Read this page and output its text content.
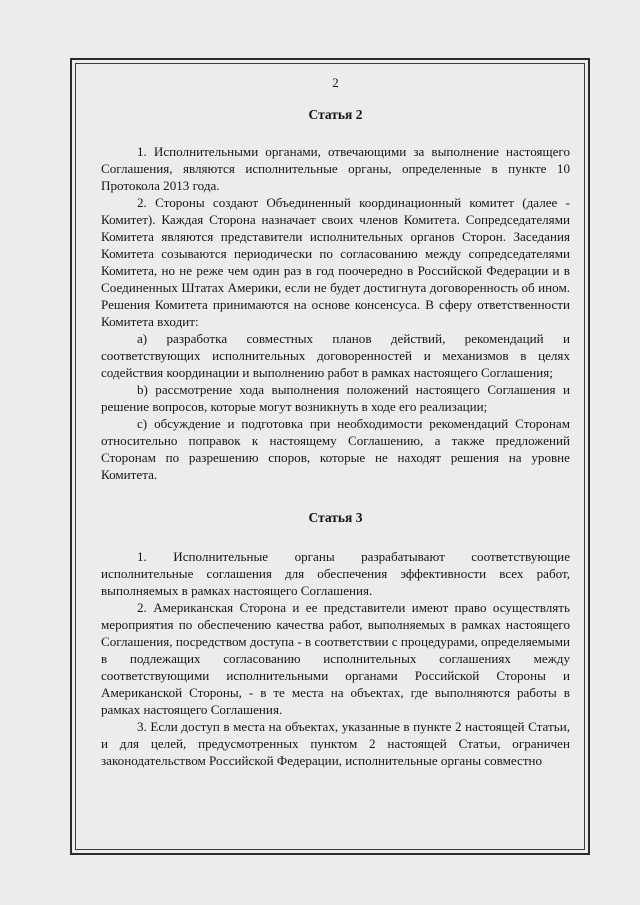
2
Статья 2

1. Исполнительными органами, отвечающими за выполнение настоящего Соглашения, являются исполнительные органы, определенные в пункте 10 Протокола 2013 года.

2. Стороны создают Объединенный координационный комитет (далее - Комитет). Каждая Сторона назначает своих членов Комитета. Сопредседателями Комитета являются представители исполнительных органов Сторон. Заседания Комитета созываются периодически по согласованию между сопредседателями Комитета, но не реже чем один раз в год поочередно в Российской Федерации и в Соединенных Штатах Америки, если не будет достигнута договоренность об ином. Решения Комитета принимаются на основе консенсуса. В сферу ответственности Комитета входит:

а) разработка совместных планов действий, рекомендаций и соответствующих исполнительных договоренностей и механизмов в целях содействия координации и выполнению работ в рамках настоящего Соглашения;

b) рассмотрение хода выполнения положений настоящего Соглашения и решение вопросов, которые могут возникнуть в ходе его реализации;

с) обсуждение и подготовка при необходимости рекомендаций Сторонам относительно поправок к настоящему Соглашению, а также предложений Сторонам по разрешению споров, которые не находят решения на уровне Комитета.

Статья 3

1. Исполнительные органы разрабатывают соответствующие исполнительные соглашения для обеспечения эффективности всех работ, выполняемых в рамках настоящего Соглашения.

2. Американская Сторона и ее представители имеют право осуществлять мероприятия по обеспечению качества работ, выполняемых в рамках настоящего Соглашения, посредством доступа - в соответствии с процедурами, определяемыми в подлежащих согласованию исполнительных соглашениях между соответствующими исполнительными органами Российской Стороны и Американской Стороны, - в те места на объектах, где выполняются работы в рамках настоящего Соглашения.

3. Если доступ в места на объектах, указанные в пункте 2 настоящей Статьи, и для целей, предусмотренных пунктом 2 настоящей Статьи, ограничен законодательством Российской Федерации, исполнительные органы совместно
